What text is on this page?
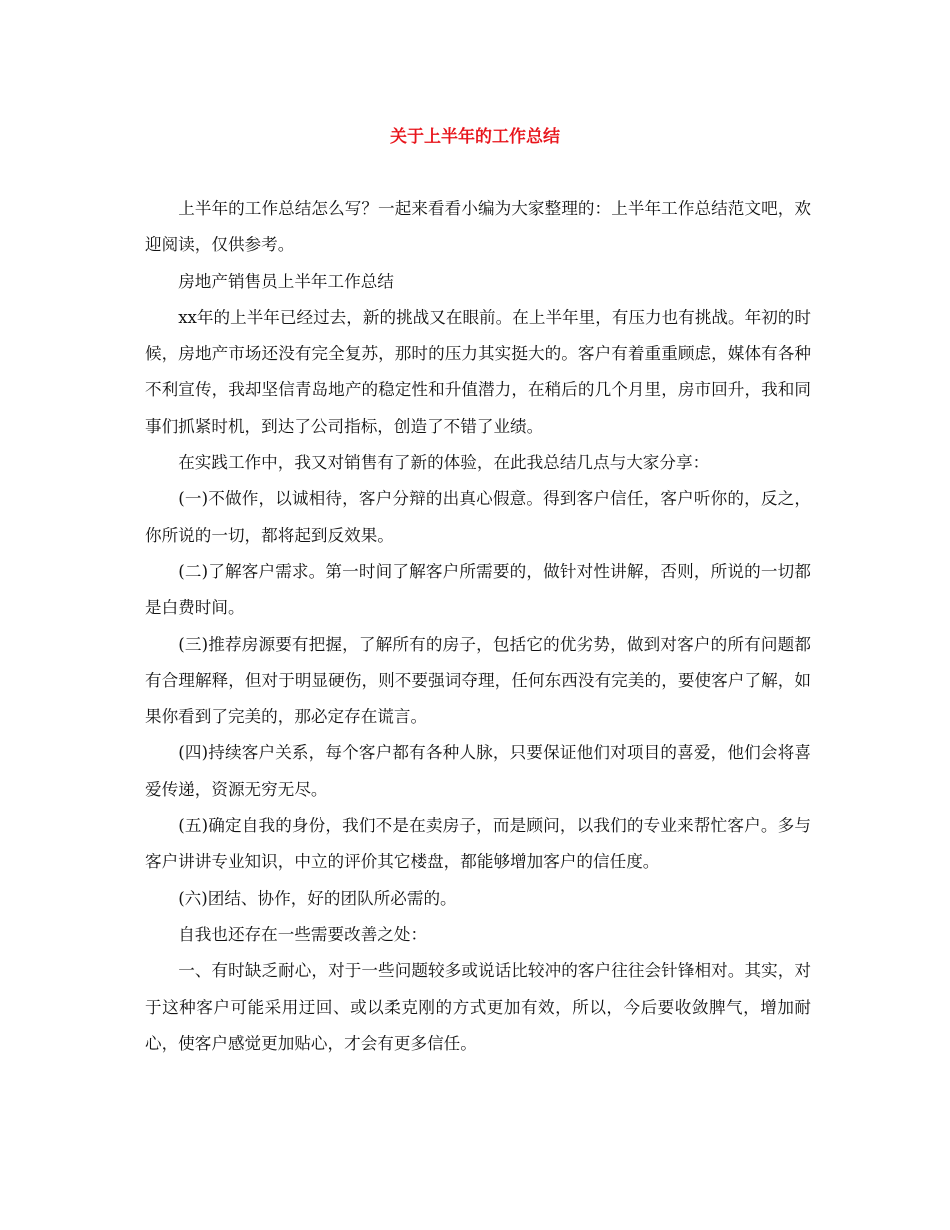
关于上半年的工作总结

上半年的工作总结怎么写？一起来看看小编为大家整理的：上半年工作总结范文吧，欢迎阅读，仅供参考。

房地产销售员上半年工作总结

xx年的上半年已经过去，新的挑战又在眼前。在上半年里，有压力也有挑战。年初的时候，房地产市场还没有完全复苏，那时的压力其实挺大的。客户有着重重顾虑，媒体有各种不利宣传，我却坚信青岛地产的稳定性和升值潜力，在稍后的几个月里，房市回升，我和同事们抓紧时机，到达了公司指标，创造了不错了业绩。

在实践工作中，我又对销售有了新的体验，在此我总结几点与大家分享：

(一)不做作，以诚相待，客户分辩的出真心假意。得到客户信任，客户听你的，反之，你所说的一切，都将起到反效果。

(二)了解客户需求。第一时间了解客户所需要的，做针对性讲解，否则，所说的一切都是白费时间。

(三)推荐房源要有把握，了解所有的房子，包括它的优劣势，做到对客户的所有问题都有合理解释，但对于明显硬伤，则不要强词夺理，任何东西没有完美的，要使客户了解，如果你看到了完美的，那必定存在谎言。

(四)持续客户关系，每个客户都有各种人脉，只要保证他们对项目的喜爱，他们会将喜爱传递，资源无穷无尽。

(五)确定自我的身份，我们不是在卖房子，而是顾问，以我们的专业来帮忙客户。多与客户讲讲专业知识，中立的评价其它楼盘，都能够增加客户的信任度。

(六)团结、协作，好的团队所必需的。

自我也还存在一些需要改善之处：

一、有时缺乏耐心，对于一些问题较多或说话比较冲的客户往往会针锋相对。其实，对于这种客户可能采用迂回、或以柔克刚的方式更加有效，所以，今后要收敛脾气，增加耐心，使客户感觉更加贴心，才会有更多信任。
